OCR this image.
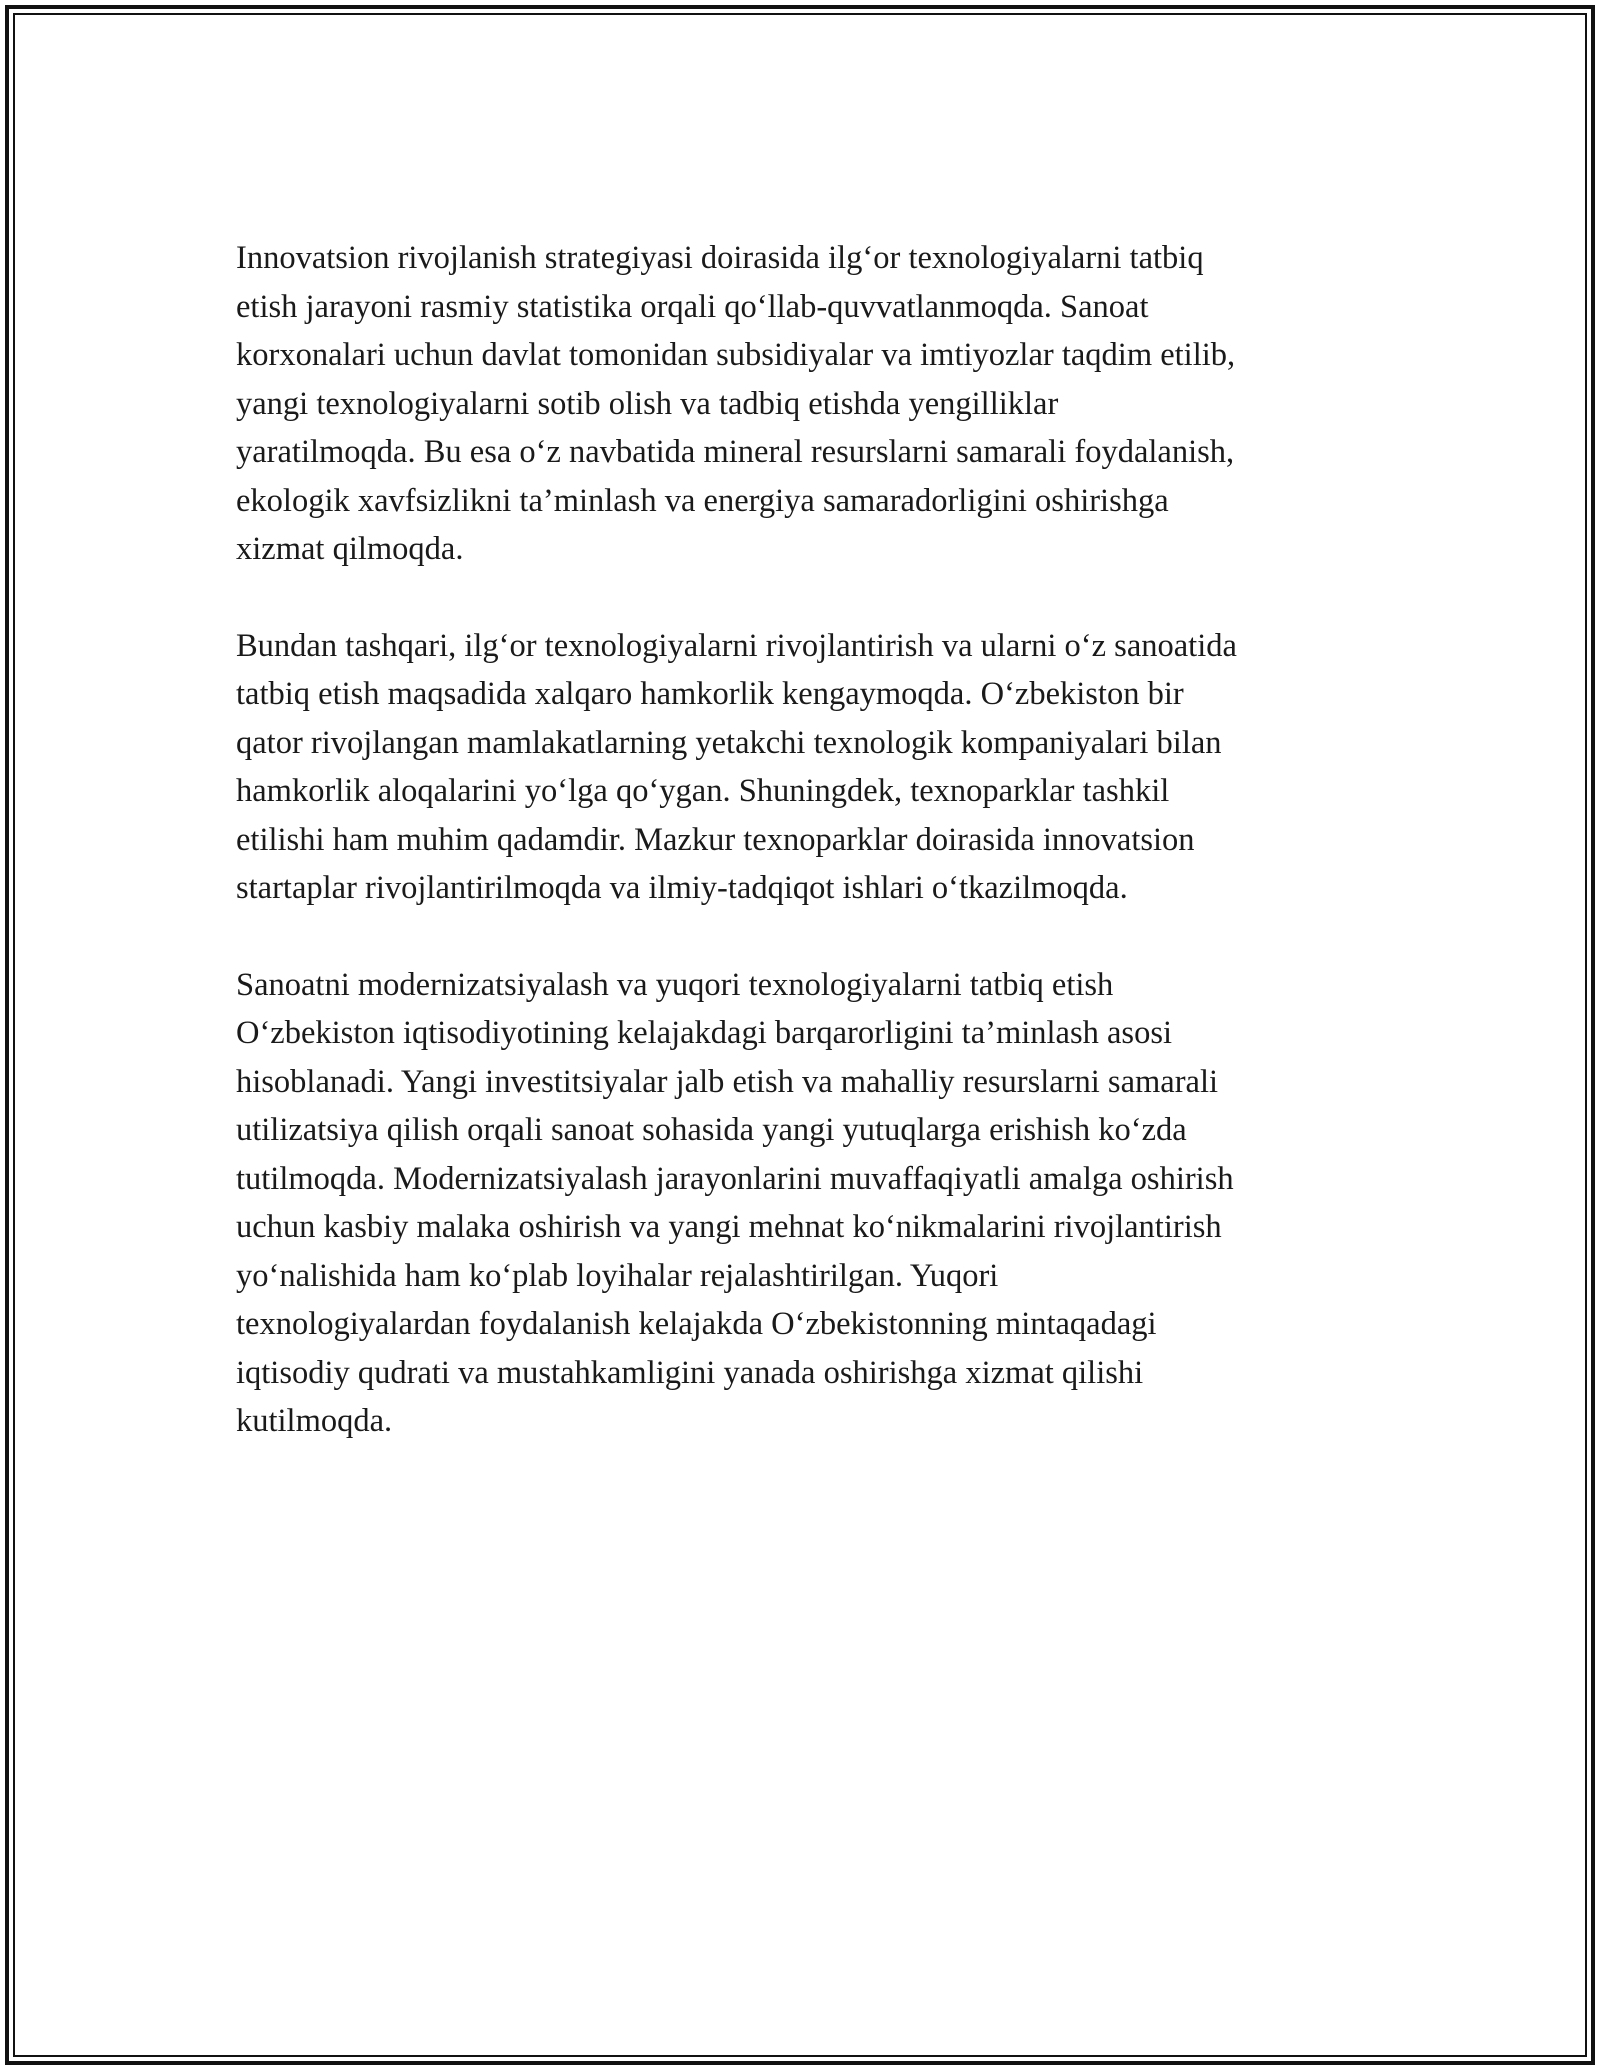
Innovatsion rivojlanish strategiyasi doirasida ilg‘or texnologiyalarni tatbiq
etish jarayoni rasmiy statistika orqali qo‘llab-quvvatlanmoqda. Sanoat
korxonalari uchun davlat tomonidan subsidiyalar va imtiyozlar taqdim etilib,
yangi texnologiyalarni sotib olish va tadbiq etishda yengilliklar
yaratilmoqda. Bu esa o‘z navbatida mineral resurslarni samarali foydalanish,
ekologik xavfsizlikni ta’minlash va energiya samaradorligini oshirishga
xizmat qilmoqda.

Bundan tashqari, ilg‘or texnologiyalarni rivojlantirish va ularni o‘z sanoatida
tatbiq etish maqsadida xalqaro hamkorlik kengaymoqda. O‘zbekiston bir
qator rivojlangan mamlakatlarning yetakchi texnologik kompaniyalari bilan
hamkorlik aloqalarini yo‘lga qo‘ygan. Shuningdek, texnoparklar tashkil
etilishi ham muhim qadamdir. Mazkur texnoparklar doirasida innovatsion
startaplar rivojlantirilmoqda va ilmiy-tadqiqot ishlari o‘tkazilmoqda.

Sanoatni modernizatsiyalash va yuqori texnologiyalarni tatbiq etish
O‘zbekiston iqtisodiyotining kelajakdagi barqarorligini ta’minlash asosi
hisoblanadi. Yangi investitsiyalar jalb etish va mahalliy resurslarni samarali
utilizatsiya qilish orqali sanoat sohasida yangi yutuqlarga erishish ko‘zda
tutilmoqda. Modernizatsiyalash jarayonlarini muvaffaqiyatli amalga oshirish
uchun kasbiy malaka oshirish va yangi mehnat ko‘nikmalarini rivojlantirish
yo‘nalishida ham ko‘plab loyihalar rejalashtirilgan. Yuqori
texnologiyalardan foydalanish kelajakda O‘zbekistonning mintaqadagi
iqtisodiy qudrati va mustahkamligini yanada oshirishga xizmat qilishi
kutilmoqda.
